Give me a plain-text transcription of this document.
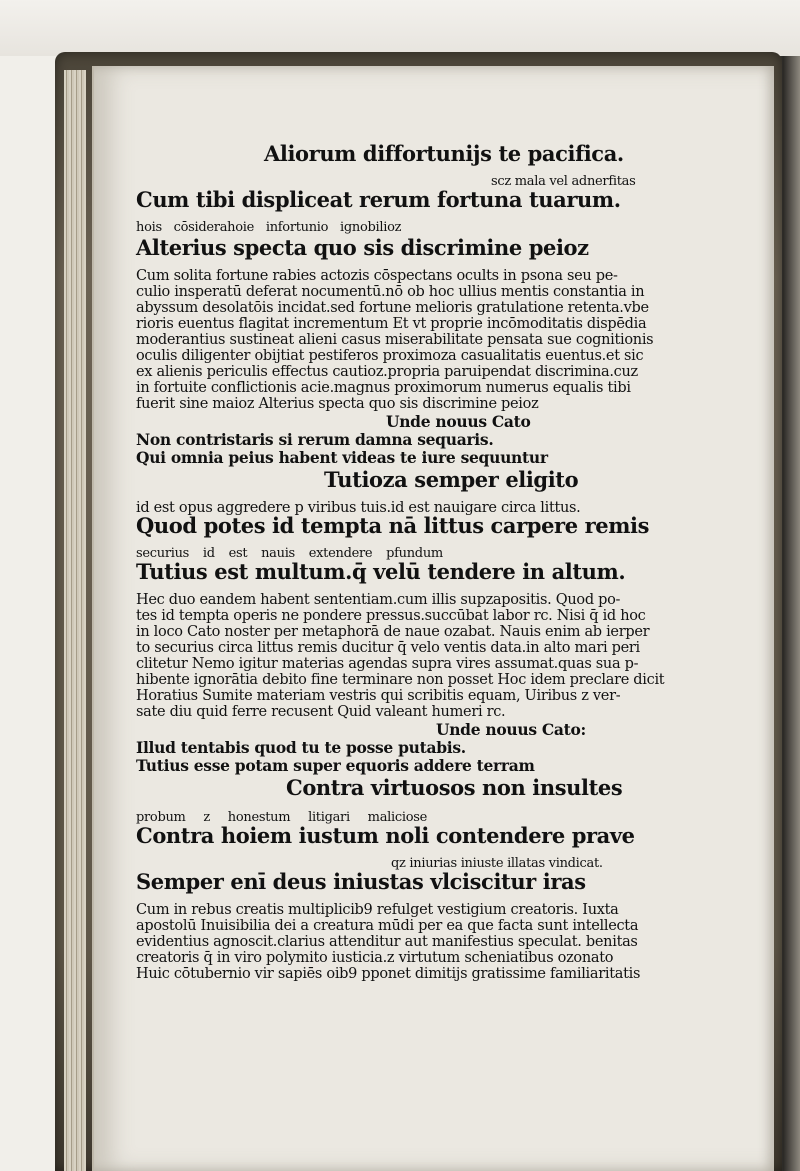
Aliorum diffortunijs te pacifica.
scz mala vel adnerfitas
Cum tibi displiceat rerum fortuna tuarum.
hois cōsiderahoie infortunio ignobilioz
Alterius specta quo sis discrimine peioz
Cum solita fortune rabies actozis cōspectans ocults in psona seu pe-
culio insperatū deferat nocumentū.nō ob hoc ullius mentis constantia in
abyssum desolatōis incidat.sed fortune melioris gratulatione retenta.vbe
rioris euentus flagitat incrementum Et vt proprie incōmoditatis dispēdia
moderantius sustineat alieni casus miserabilitate pensata sue cognitionis
oculis diligenter obijtiat pestiferos proximoza casualitatis euentus.et sic
ex alienis periculis effectus cautioz.propria paruipendat discrimina.cuz
in fortuite conflictionis acie.magnus proximorum numerus equalis tibi
fuerit sine maioz Alterius specta quo sis discrimine peioz
Unde nouus Cato
Non contristaris si rerum damna sequaris.
Qui omnia peius habent videas te iure sequuntur
Tutioza semper eligito
id est opus aggredere p viribus tuis.id est nauigare circa littus.
Quod potes id tempta nā littus carpere remis
securius id est nauis extendere pfundum
Tutius est multum.q̄ velū tendere in altum.
Hec duo eandem habent sententiam.cum illis supzapositis. Quod po-
tes id tempta operis ne pondere pressus.succūbat labor rc. Nisi q̄ id hoc
in loco Cato noster per metaphorā de naue ozabat. Nauis enim ab ierper
to securius circa littus remis ducitur q̄ velo ventis data.in alto mari peri
clitetur Nemo igitur materias agendas supra vires assumat.quas sua p-
hibente ignorātia debito fine terminare non posset Hoc idem preclare dicit
Horatius Sumite materiam vestris qui scribitis equam, Uiribus z ver-
sate diu quid ferre recusent Quid valeant humeri rc.
Unde nouus Cato:
Illud tentabis quod tu te posse putabis.
Tutius esse potam super equoris addere terram
Contra virtuosos non insultes
probum z honestum litigari maliciose
Contra hoiem iustum noli contendere prave
qz iniurias iniuste illatas vindicat.
Semper enī deus iniustas vlciscitur iras
Cum in rebus creatis multiplicib9 refulget vestigium creatoris. Iuxta
apostolū Inuisibilia dei a creatura mūdi per ea que facta sunt intellecta
evidentius agnoscit.clarius attenditur aut manifestius speculat. benitas
creatoris q̄ in viro polymito iusticia.z virtutum scheniatibus ozonato
Huic cōtubernio vir sapiēs oib9 pponet dimitijs gratissime familiaritatis
